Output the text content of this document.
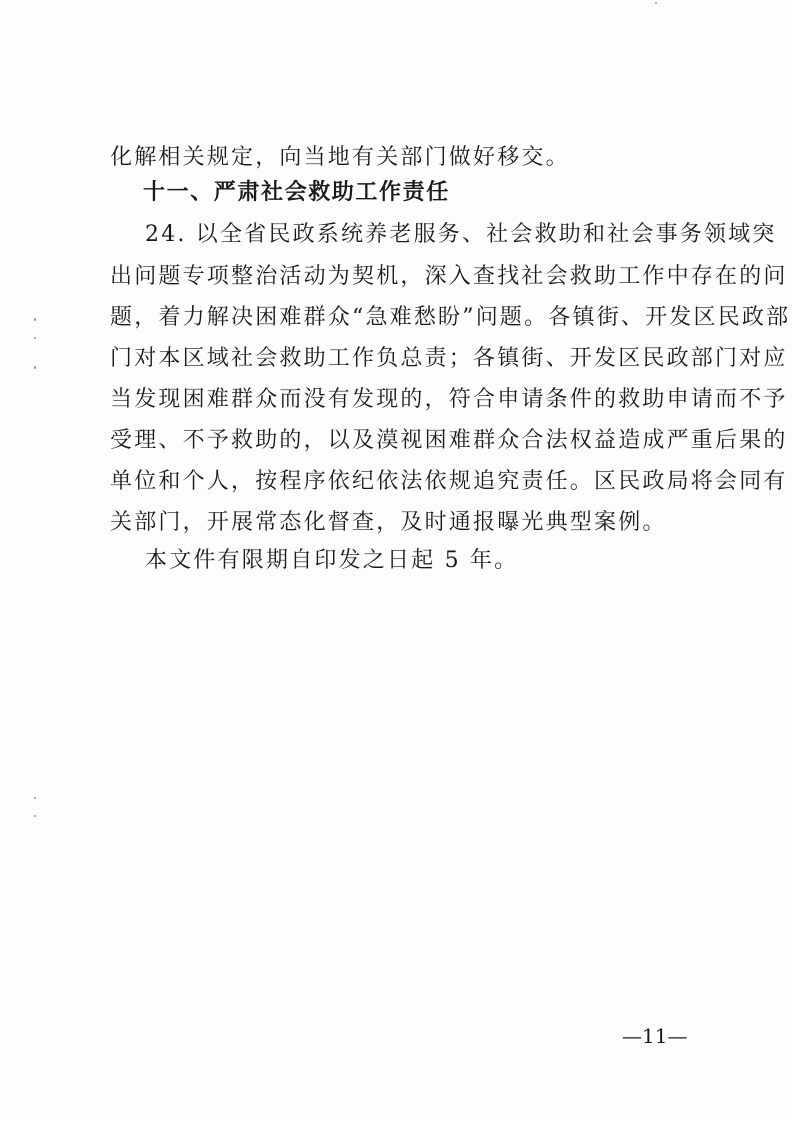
化解相关规定，向当地有关部门做好移交。
十一、严肃社会救助工作责任
24. 以全省民政系统养老服务、社会救助和社会事务领域突
出问题专项整治活动为契机，深入查找社会救助工作中存在的问
题，着力解决困难群众“急难愁盼”问题。各镇街、开发区民政部
门对本区域社会救助工作负总责；各镇街、开发区民政部门对应
当发现困难群众而没有发现的，符合申请条件的救助申请而不予
受理、不予救助的，以及漠视困难群众合法权益造成严重后果的
单位和个人，按程序依纪依法依规追究责任。区民政局将会同有
关部门，开展常态化督查，及时通报曝光典型案例。
本文件有限期自印发之日起 5 年。
—11—
